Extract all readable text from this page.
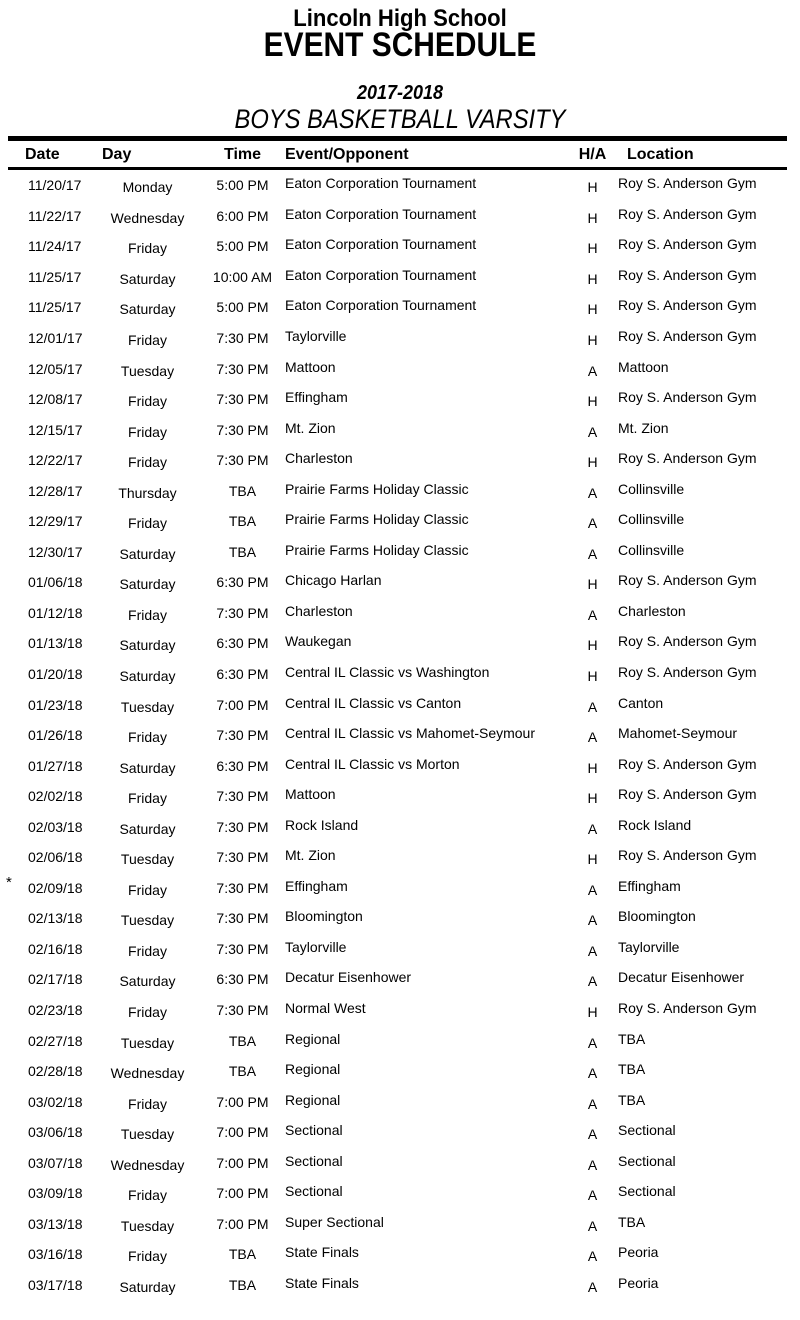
Lincoln High School
EVENT SCHEDULE
2017-2018
BOYS BASKETBALL VARSITY
Date	Day	Time	Event/Opponent	H/A	Location
11/20/17	Monday	5:00 PM	Eaton Corporation Tournament	H	Roy S. Anderson Gym
11/22/17	Wednesday	6:00 PM	Eaton Corporation Tournament	H	Roy S. Anderson Gym
11/24/17	Friday	5:00 PM	Eaton Corporation Tournament	H	Roy S. Anderson Gym
11/25/17	Saturday	10:00 AM Eaton Corporation Tournament	H	Roy S. Anderson Gym
11/25/17	Saturday	5:00 PM	Eaton Corporation Tournament	H	Roy S. Anderson Gym
12/01/17	Friday	7:30 PM	Taylorville	H	Roy S. Anderson Gym
12/05/17	Tuesday	7:30 PM	Mattoon	A	Mattoon
12/08/17	Friday	7:30 PM	Effingham	H	Roy S. Anderson Gym
12/15/17	Friday	7:30 PM	Mt. Zion	A	Mt. Zion
12/22/17	Friday	7:30 PM	Charleston	H	Roy S. Anderson Gym
12/28/17	Thursday	TBA	Prairie Farms Holiday Classic	A	Collinsville
12/29/17	Friday	TBA	Prairie Farms Holiday Classic	A	Collinsville
12/30/17	Saturday	TBA	Prairie Farms Holiday Classic	A	Collinsville
01/06/18	Saturday	6:30 PM	Chicago Harlan	H	Roy S. Anderson Gym
01/12/18	Friday	7:30 PM	Charleston	A	Charleston
01/13/18	Saturday	6:30 PM	Waukegan	H	Roy S. Anderson Gym
01/20/18	Saturday	6:30 PM	Central IL Classic vs Washington	H	Roy S. Anderson Gym
01/23/18	Tuesday	7:00 PM	Central IL Classic vs Canton	A	Canton
01/26/18	Friday	7:30 PM	Central IL Classic vs Mahomet-Seymour	A	Mahomet-Seymour
01/27/18	Saturday	6:30 PM	Central IL Classic vs Morton	H	Roy S. Anderson Gym
02/02/18	Friday	7:30 PM	Mattoon	H	Roy S. Anderson Gym
02/03/18	Saturday	7:30 PM	Rock Island	A	Rock Island
02/06/18	Tuesday	7:30 PM	Mt. Zion	H	Roy S. Anderson Gym
*	02/09/18	Friday	7:30 PM	Effingham	A	Effingham
02/13/18	Tuesday	7:30 PM	Bloomington	A	Bloomington
02/16/18	Friday	7:30 PM	Taylorville	A	Taylorville
02/17/18	Saturday	6:30 PM	Decatur Eisenhower	A	Decatur Eisenhower
02/23/18	Friday	7:30 PM	Normal West	H	Roy S. Anderson Gym
02/27/18	Tuesday	TBA	Regional	A	TBA
02/28/18	Wednesday	TBA	Regional	A	TBA
03/02/18	Friday	7:00 PM	Regional	A	TBA
03/06/18	Tuesday	7:00 PM	Sectional	A	Sectional
03/07/18	Wednesday	7:00 PM	Sectional	A	Sectional
03/09/18	Friday	7:00 PM	Sectional	A	Sectional
03/13/18	Tuesday	7:00 PM	Super Sectional	A	TBA
03/16/18	Friday	TBA	State Finals	A	Peoria
03/17/18	Saturday	TBA	State Finals	A	Peoria
